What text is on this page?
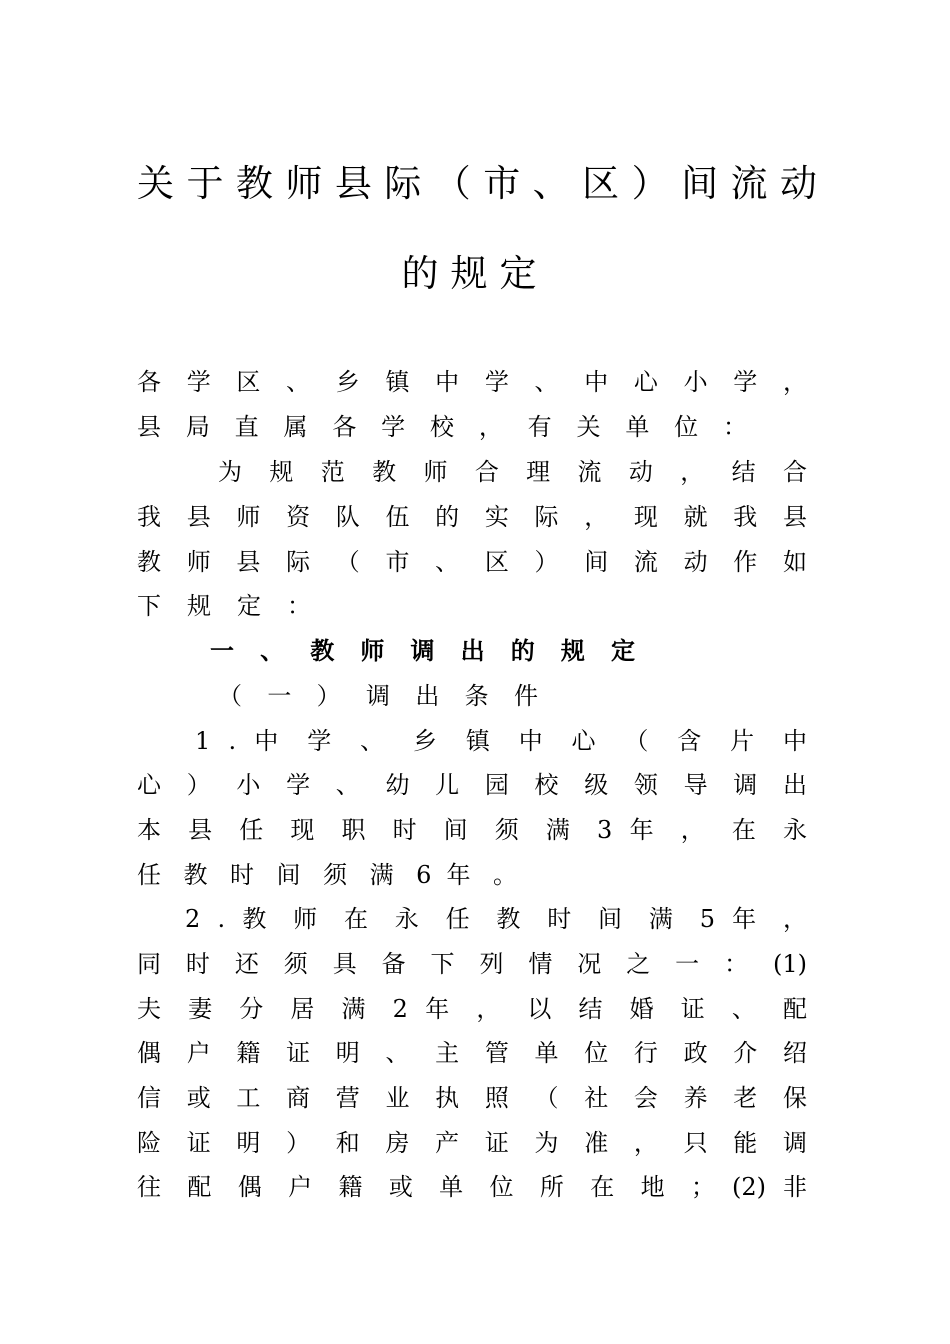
关 于 教 师 县 际 （ 市 、 区 ） 间 流 动
的规定
各 学 区 、 乡 镇 中 学 、 中 心 小 学 ，
县 局 直 属 各 学 校 ， 有 关 单 位 ：
为 规 范 教 师 合 理 流 动 ， 结 合
我 县 师 资 队 伍 的 实 际 ， 现 就 我 县
教 师 县 际 （ 市 、 区 ） 间 流 动 作 如
下规定：
一 、 教 师 调 出 的 规 定
（ 一 ） 调 出 条 件
1 . 中 学 、 乡 镇 中 心 （ 含 片 中
心 ） 小 学 、 幼 儿 园 校 级 领 导 调 出
本 县 任 现 职 时 间 须 满 3 年 ， 在 永
任 教 时 间 须 满 6 年 。
2 . 教 师 在 永 任 教 时 间 满 5 年 ，
同 时 还 须 具 备 下 列 情 况 之 一 ： (1)
夫 妻 分 居 满 2 年 ， 以 结 婚 证 、 配
偶 户 籍 证 明 、 主 管 单 位 行 政 介 绍
信 或 工 商 营 业 执 照 （ 社 会 养 老 保
险 证 明 ） 和 房 产 证 为 准 ， 只 能 调
往 配 偶 户 籍 或 单 位 所 在 地 ； (2) 非
